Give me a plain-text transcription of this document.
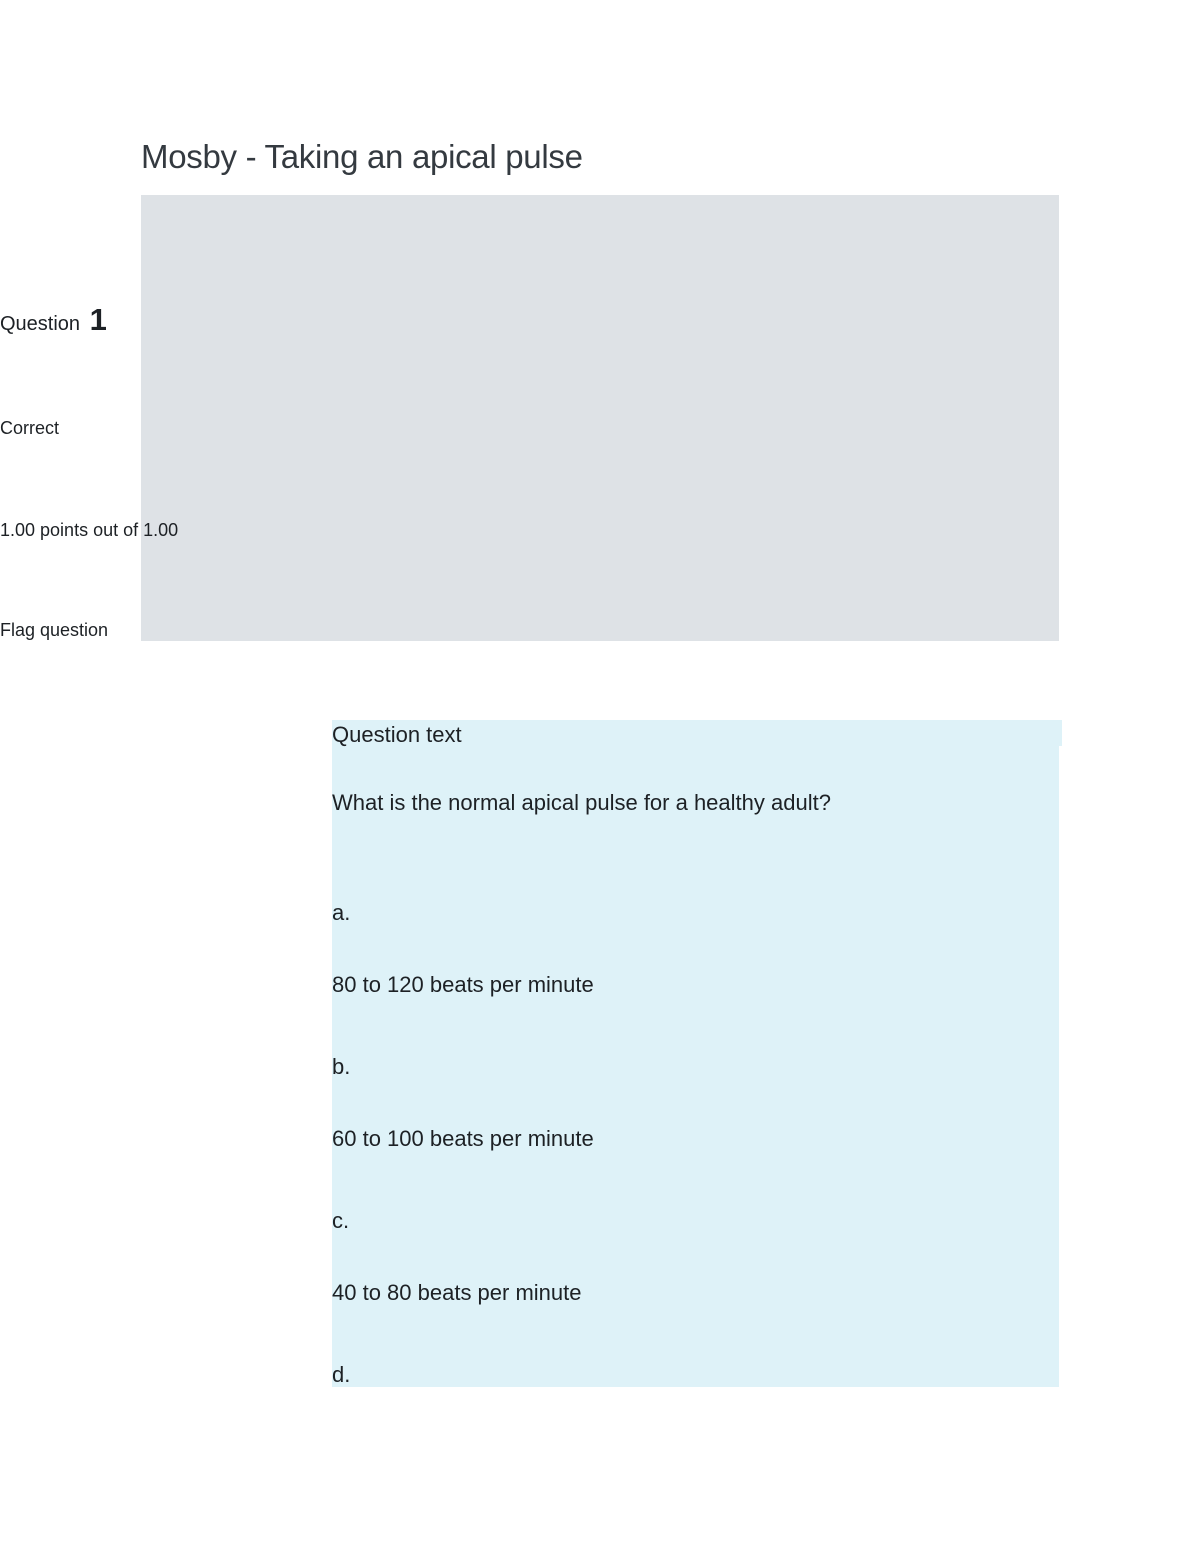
Mosby - Taking an apical pulse
Question 1
Correct
1.00 points out of 1.00
Flag question
Question text
What is the normal apical pulse for a healthy adult?
a.
80 to 120 beats per minute
b.
60 to 100 beats per minute
c.
40 to 80 beats per minute
d.
